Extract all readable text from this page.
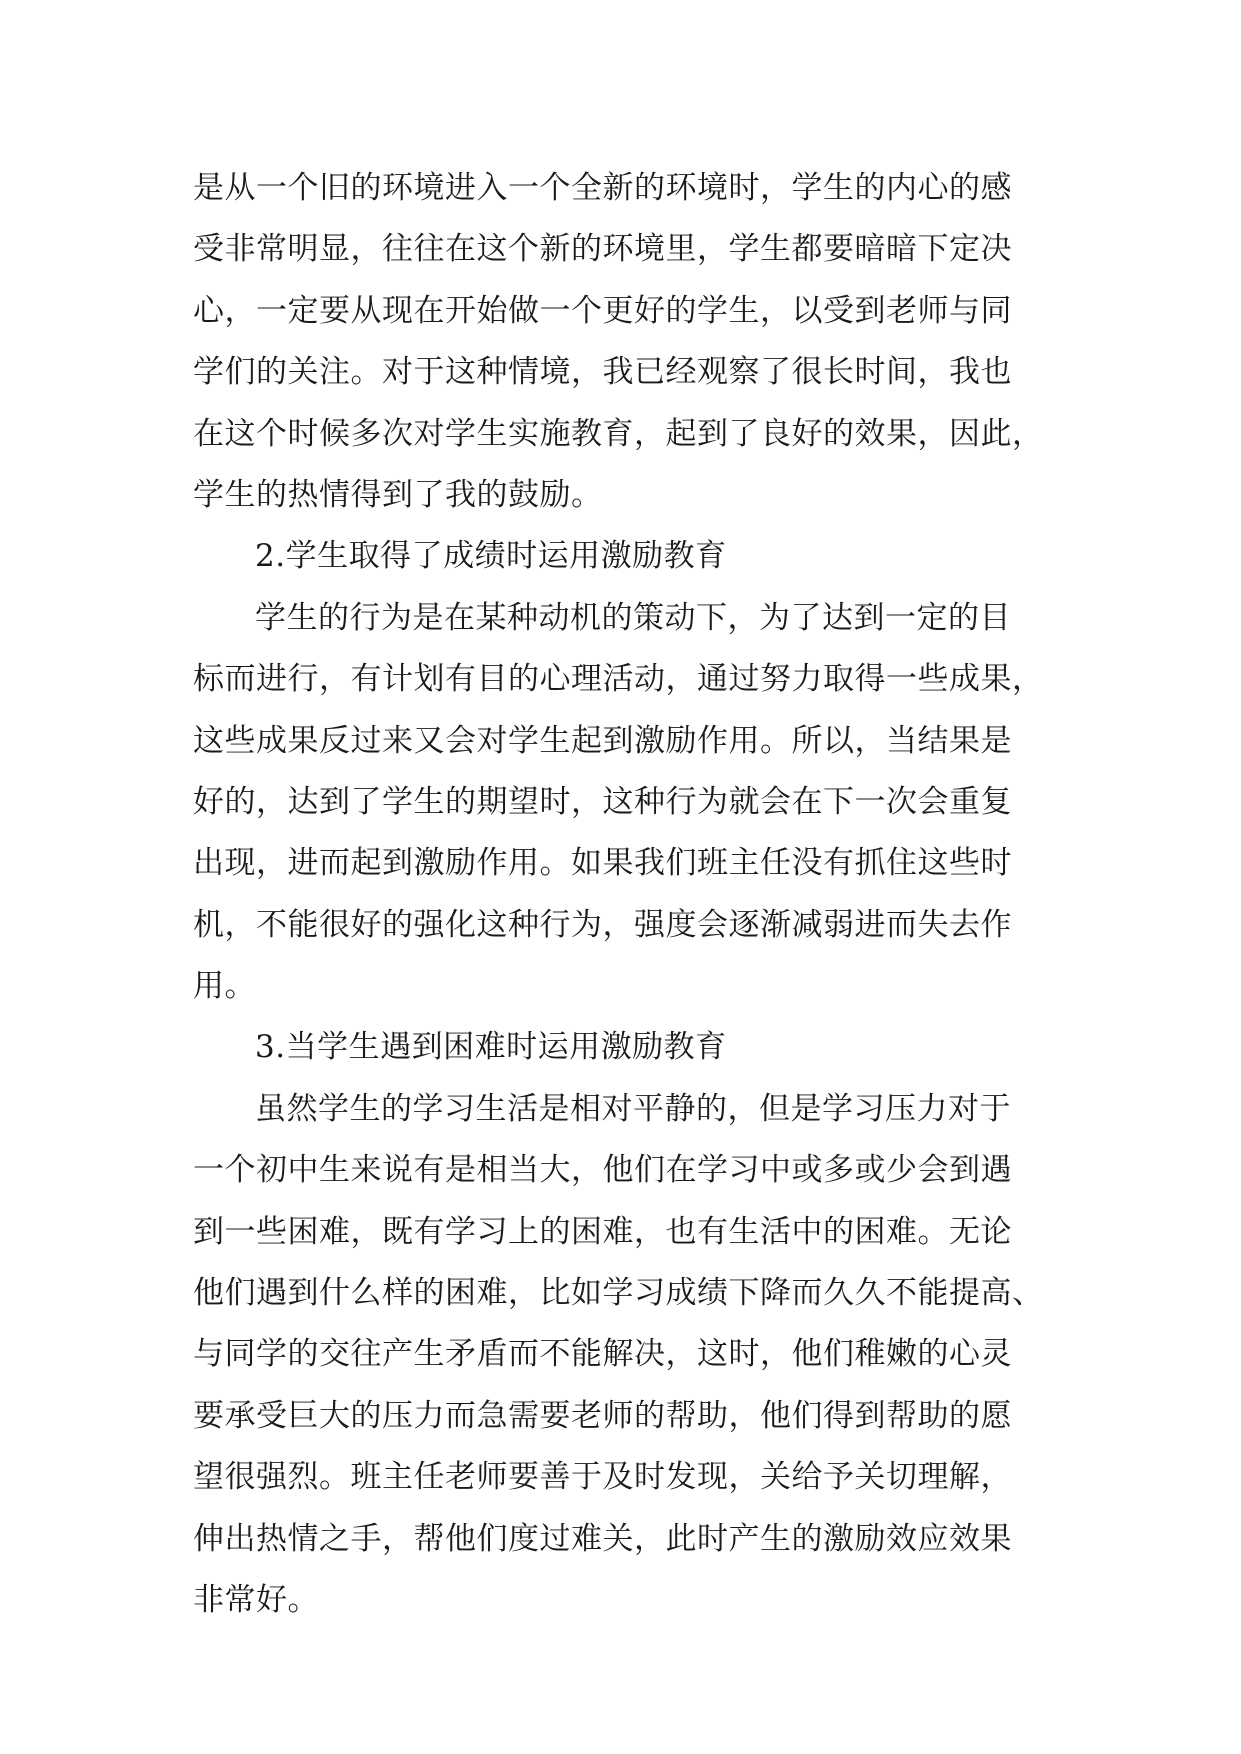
是从一个旧的环境进入一个全新的环境时，学生的内心的感
受非常明显，往往在这个新的环境里，学生都要暗暗下定决
心，一定要从现在开始做一个更好的学生，以受到老师与同
学们的关注。对于这种情境，我已经观察了很长时间，我也
在这个时候多次对学生实施教育，起到了良好的效果，因此，
学生的热情得到了我的鼓励。
2.学生取得了成绩时运用激励教育
学生的行为是在某种动机的策动下，为了达到一定的目
标而进行，有计划有目的心理活动，通过努力取得一些成果，
这些成果反过来又会对学生起到激励作用。所以，当结果是
好的，达到了学生的期望时，这种行为就会在下一次会重复
出现，进而起到激励作用。如果我们班主任没有抓住这些时
机，不能很好的强化这种行为，强度会逐渐减弱进而失去作
用。
3.当学生遇到困难时运用激励教育
虽然学生的学习生活是相对平静的，但是学习压力对于
一个初中生来说有是相当大，他们在学习中或多或少会到遇
到一些困难，既有学习上的困难，也有生活中的困难。无论
他们遇到什么样的困难，比如学习成绩下降而久久不能提高、
与同学的交往产生矛盾而不能解决，这时，他们稚嫩的心灵
要承受巨大的压力而急需要老师的帮助，他们得到帮助的愿
望很强烈。班主任老师要善于及时发现，关给予关切理解，
伸出热情之手，帮他们度过难关，此时产生的激励效应效果
非常好。
